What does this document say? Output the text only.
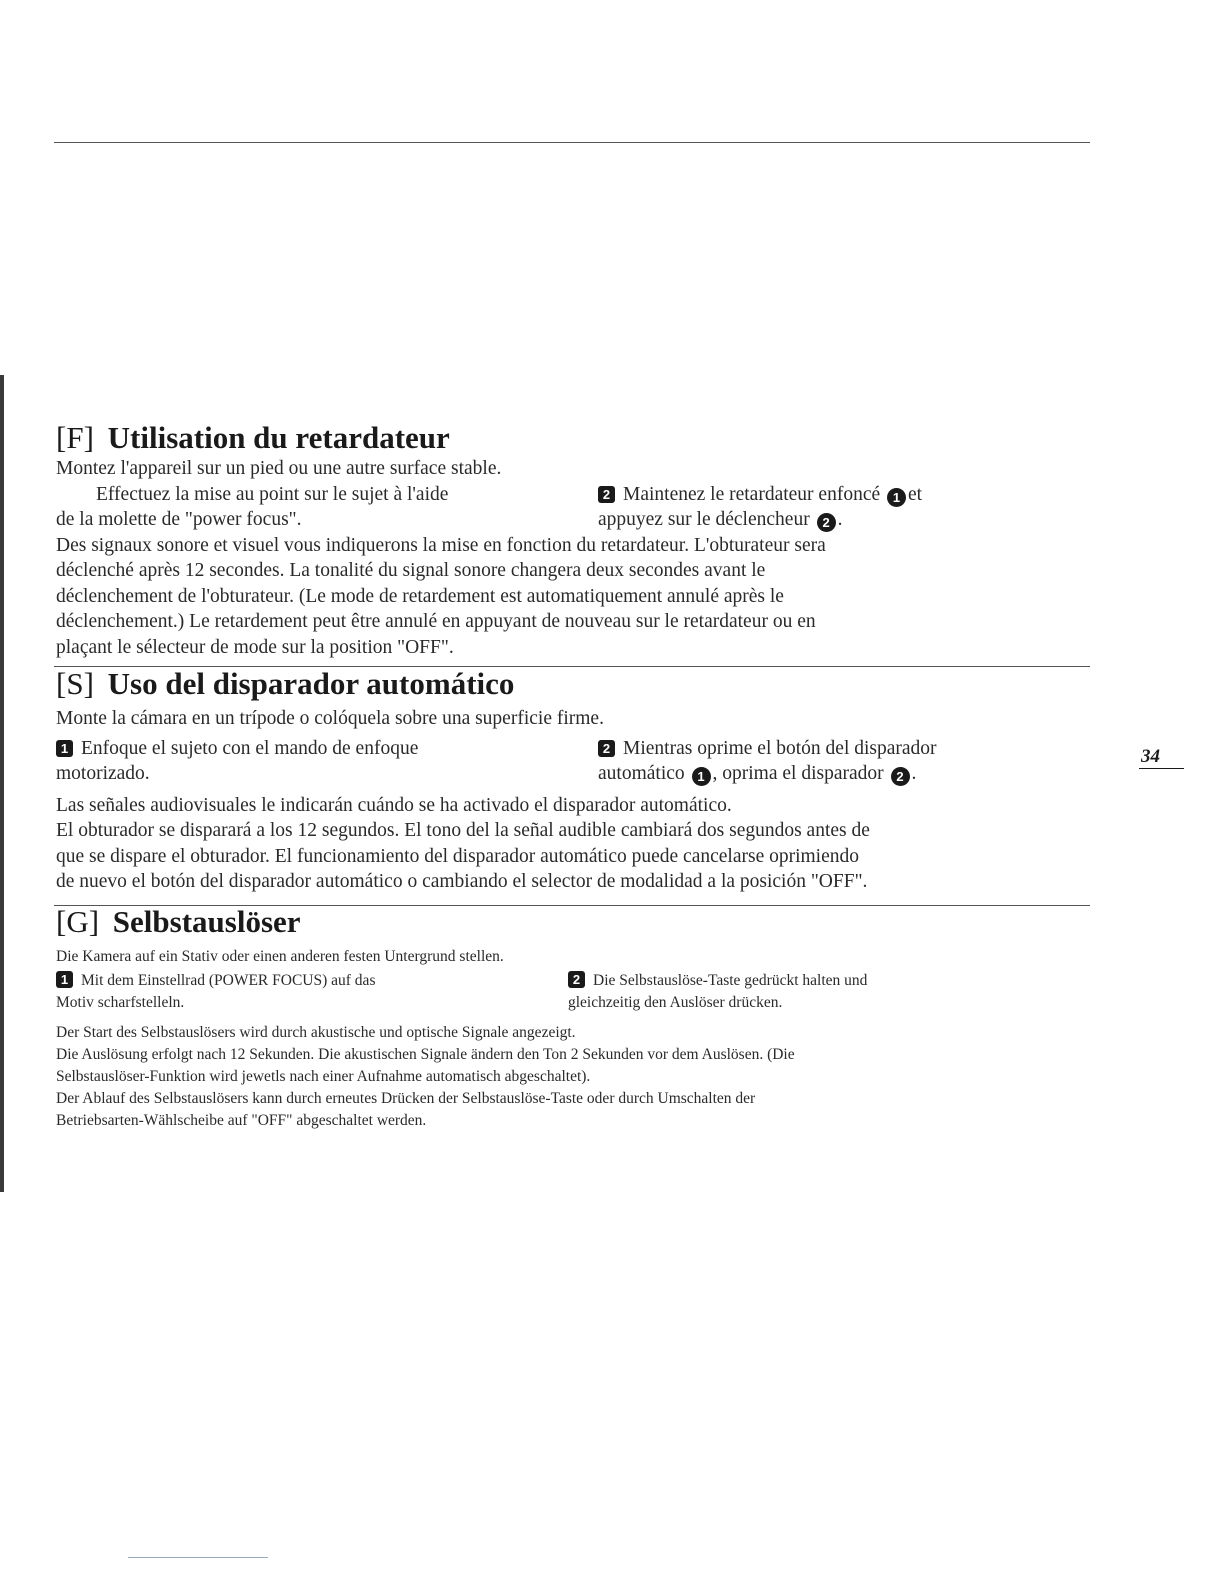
[F] Utilisation du retardateur

Montez l'appareil sur un pied ou une autre surface stable.

Effectuez la mise au point sur le sujet à l'aide

de la molette de "power focus".

2 Maintenez le retardateur enfoncé 1 et

appuyez sur le déclencheur 2 .

Des signaux sonore et visuel vous indiquerons la mise en fonction du retardateur. L'obturateur sera

déclenché après 12 secondes. La tonalité du signal sonore changera deux secondes avant le

déclenchement de l'obturateur. (Le mode de retardement est automatiquement annulé après le

déclenchement.) Le retardement peut être annulé en appuyant de nouveau sur le retardateur ou en

plaçant le sélecteur de mode sur la position "OFF".

[S] Uso del disparador automático

Monte la cámara en un trípode o colóquela sobre una superficie firme.

1 Enfoque el sujeto con el mando de enfoque

motorizado.

2 Mientras oprime el botón del disparador

automático 1 , oprima el disparador 2 .

Las señales audiovisuales le indicarán cuándo se ha activado el disparador automático.

El obturador se disparará a los 12 segundos. El tono del la señal audible cambiará dos segundos antes de

que se dispare el obturador. El funcionamiento del disparador automático puede cancelarse oprimiendo

de nuevo el botón del disparador automático o cambiando el selector de modalidad a la posición "OFF".

[G] Selbstauslöser

Die Kamera auf ein Stativ oder einen anderen festen Untergrund stellen.

1 Mit dem Einstellrad (POWER FOCUS) auf das

Motiv scharfstelleln.

2 Die Selbstauslöse-Taste gedrückt halten und

gleichzeitig den Auslöser drücken.

Der Start des Selbstauslösers wird durch akustische und optische Signale angezeigt.

Die Auslösung erfolgt nach 12 Sekunden. Die akustischen Signale ändern den Ton 2 Sekunden vor dem Auslösen. (Die

Selbstauslöser-Funktion wird jewetls nach einer Aufnahme automatisch abgeschaltet).

Der Ablauf des Selbstauslösers kann durch erneutes Drücken der Selbstauslöse-Taste oder durch Umschalten der

Betriebsarten-Wählscheibe auf "OFF" abgeschaltet werden.

34
